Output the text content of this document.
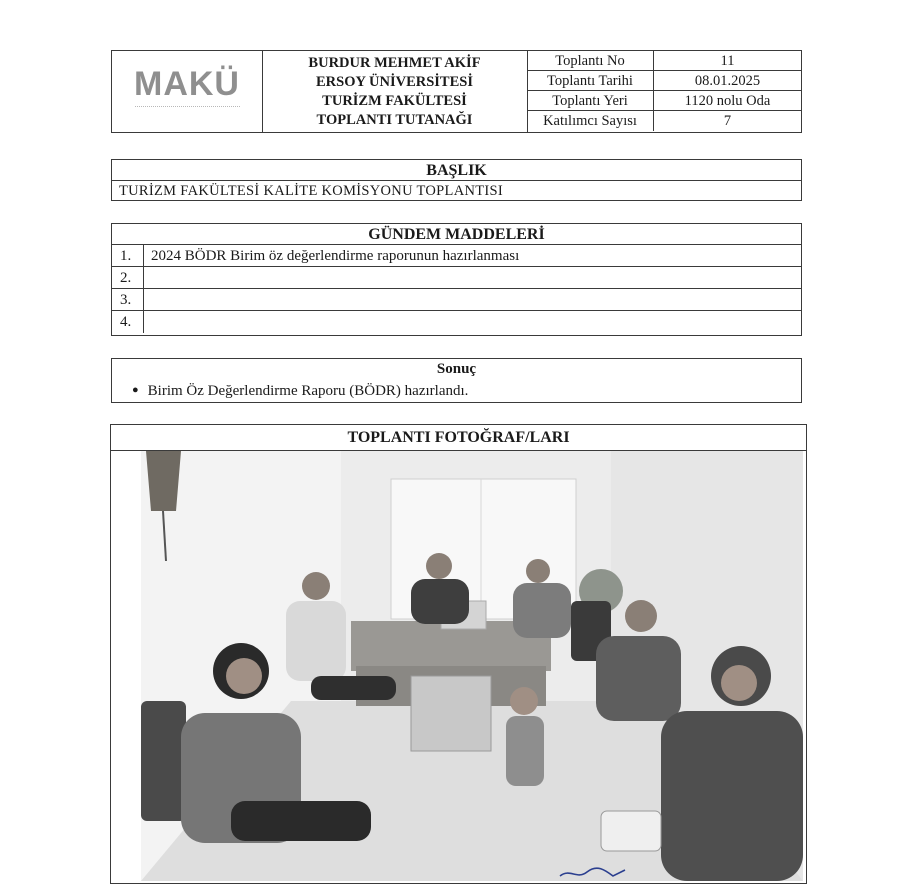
MAKÜ
BURDUR MEHMET AKİF
ERSOY ÜNİVERSİTESİ
TURİZM FAKÜLTESİ
TOPLANTI TUTANAĞI
Toplantı No	11
Toplantı Tarihi	08.01.2025
Toplantı Yeri	1120 nolu Oda
Katılımcı Sayısı	7
BAŞLIK
TURİZM FAKÜLTESİ KALİTE KOMİSYONU TOPLANTISI
GÜNDEM MADDELERİ
1.	2024 BÖDR Birim öz değerlendirme raporunun hazırlanması
2.
3.
4.
Sonuç
● Birim Öz Değerlendirme Raporu (BÖDR) hazırlandı.
TOPLANTI FOTOĞRAF/LARI
